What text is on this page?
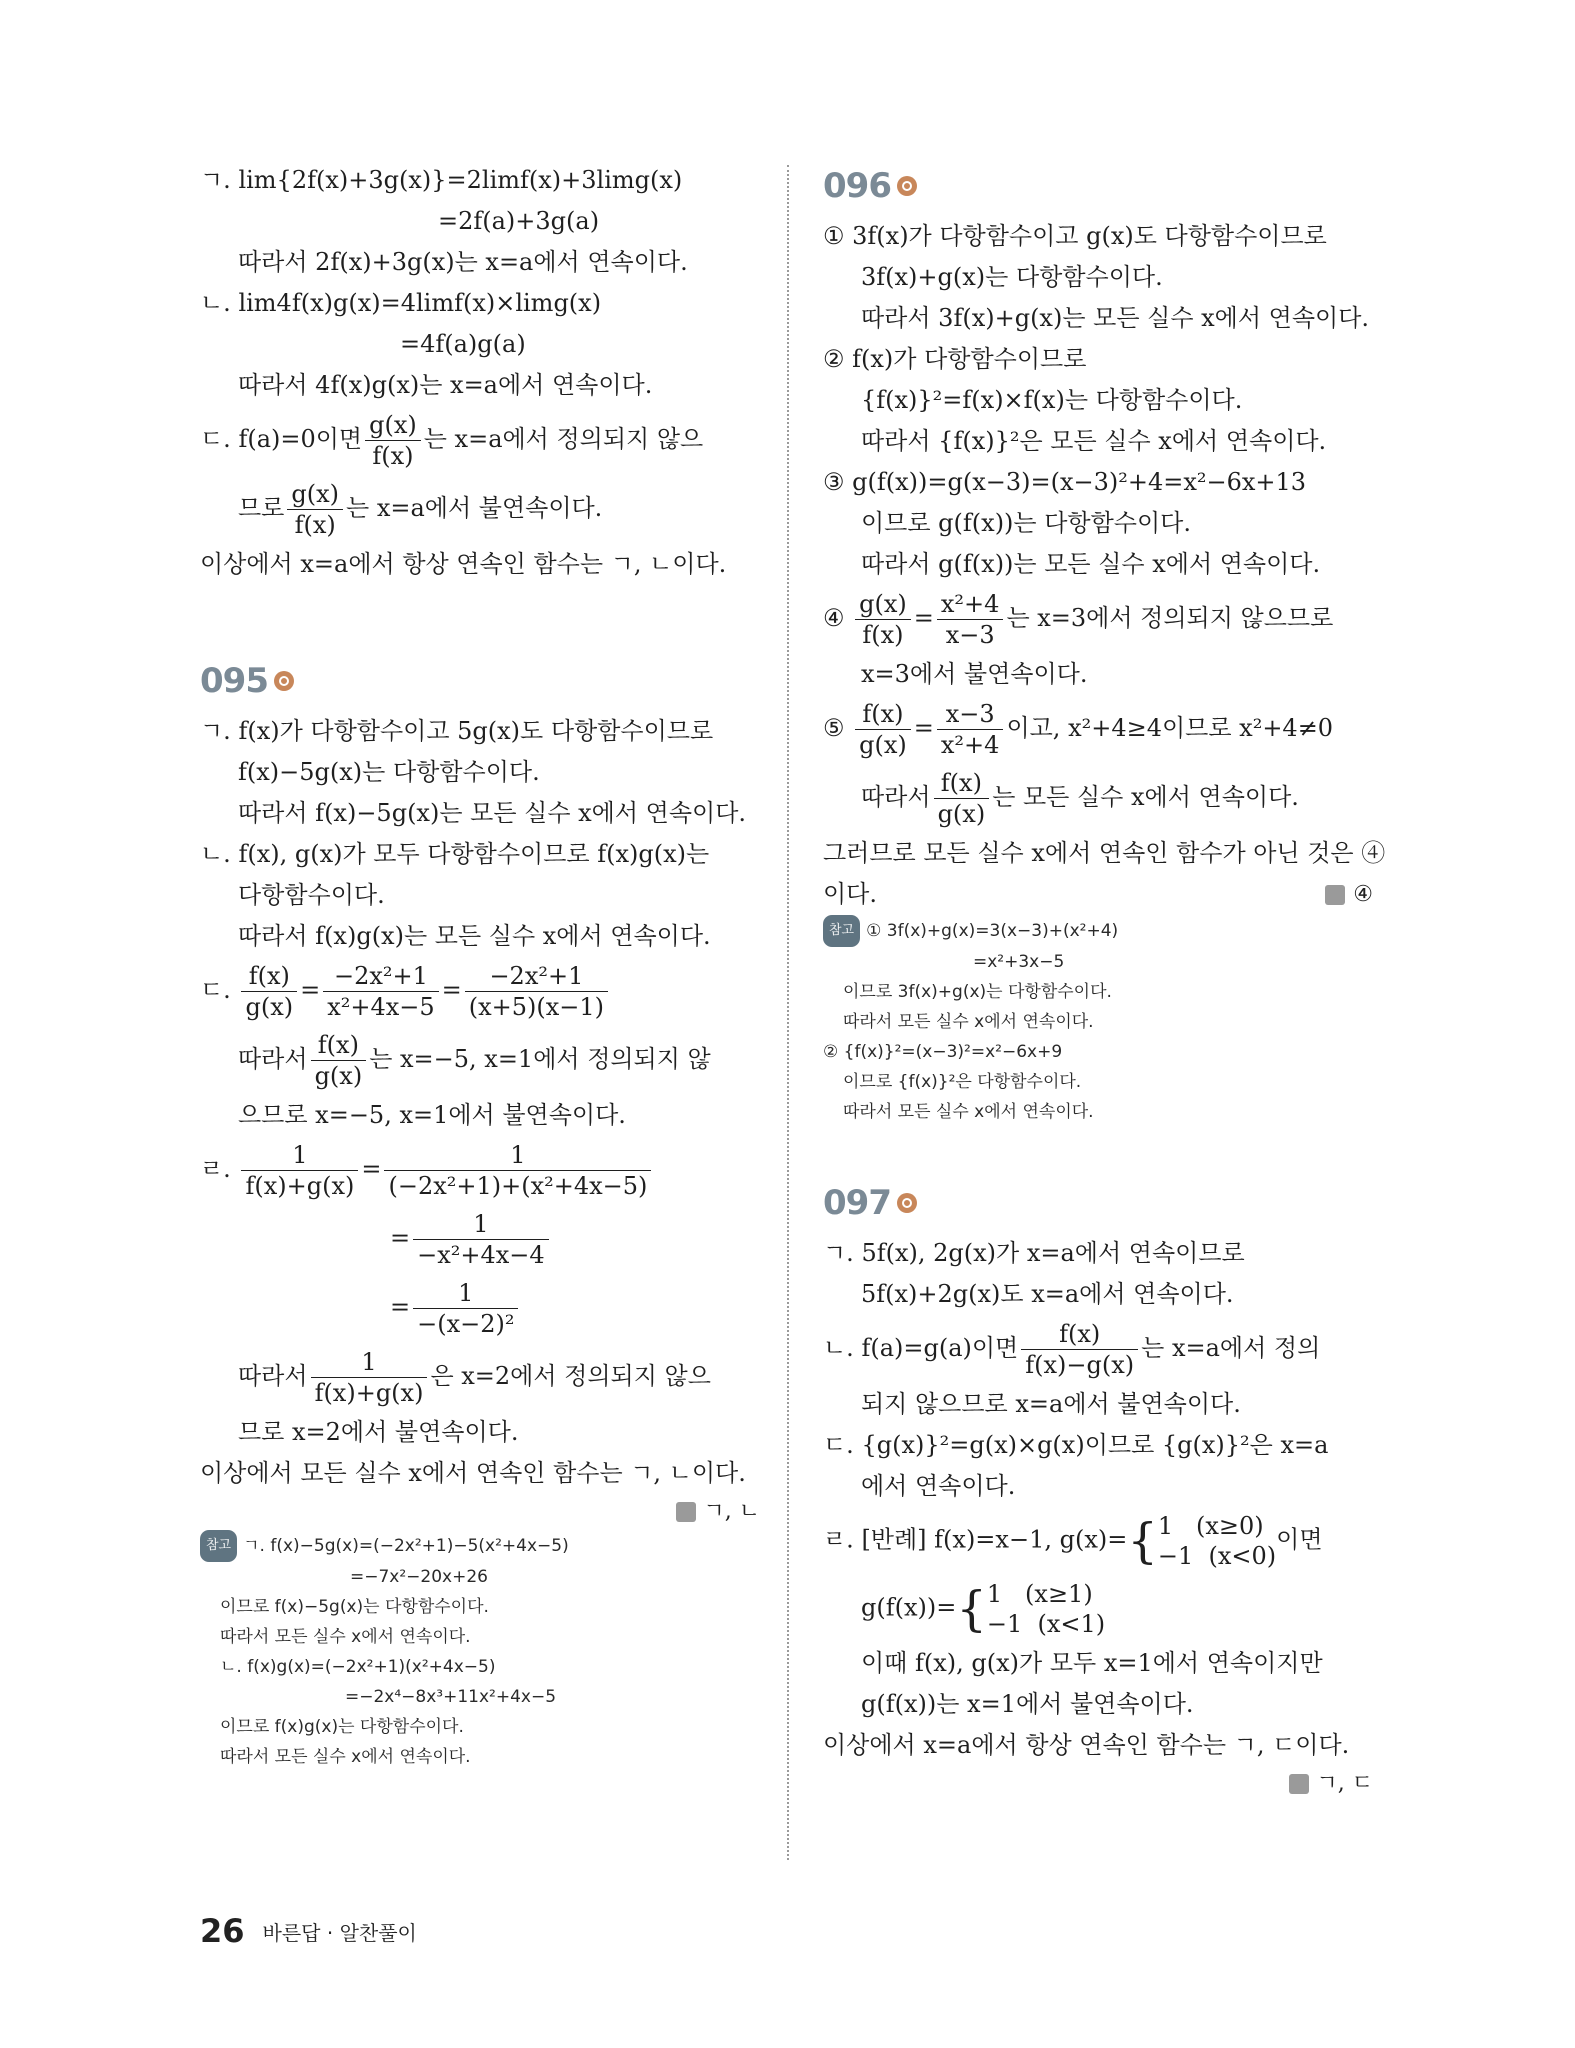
ㄱ. lim{2f(x)+3g(x)}=2limf(x)+3limg(x)
=2f(a)+3g(a)
따라서 2f(x)+3g(x)는 x=a에서 연속이다.
ㄴ. lim4f(x)g(x)=4limf(x)×limg(x)
=4f(a)g(a)
따라서 4f(x)g(x)는 x=a에서 연속이다.
ㄷ. f(a)=0이면 $\frac{g(x)}{f(x)}$ 는 x=a에서 정의되지 않으
므로 $\frac{g(x)}{f(x)}$ 는 x=a에서 불연속이다.
이상에서 x=a에서 항상 연속인 함수는 ㄱ, ㄴ이다.
095
ㄱ. f(x)가 다항함수이고 5g(x)도 다항함수이므로
f(x)−5g(x)는 다항함수이다.
따라서 f(x)−5g(x)는 모든 실수 x에서 연속이다.
ㄴ. f(x), g(x)가 모두 다항함수이므로 f(x)g(x)는
다항함수이다.
따라서 f(x)g(x)는 모든 실수 x에서 연속이다.
ㄷ. $\frac{f(x)}{g(x)} = \frac{\text{−2x²+1}}{\text{x²+4x−5}} = \frac{\text{−2x²+1}}{(x+5)(x-1)}$
따라서 $\frac{f(x)}{g(x)}$ 는 x=−5, x=1에서 정의되지 않
으므로 x=−5, x=1에서 불연속이다.
ㄹ. $\frac{1}{f(x)+g(x)} = \frac{1}{\text{(−2x²+1)+(x²+4x−5)}}$
= $\frac{1}{\text{−x²+4x−4}}$
= $\frac{1}{\text{−(x−2)²}}$
따라서 $\frac{1}{f(x)+g(x)}$ 은 x=2에서 정의되지 않으
므로 x=2에서 불연속이다.
이상에서 모든 실수 x에서 연속인 함수는 ㄱ, ㄴ이다.
ㄱ, ㄴ
참고 ㄱ. f(x)−5g(x)=(−2x²+1)−5(x²+4x−5)
=−7x²−20x+26
이므로 f(x)−5g(x)는 다항함수이다.
따라서 모든 실수 x에서 연속이다.
ㄴ. f(x)g(x)=(−2x²+1)(x²+4x−5)
=−2x⁴−8x³+11x²+4x−5
이므로 f(x)g(x)는 다항함수이다.
따라서 모든 실수 x에서 연속이다.
096
① 3f(x)가 다항함수이고 g(x)도 다항함수이므로
3f(x)+g(x)는 다항함수이다.
따라서 3f(x)+g(x)는 모든 실수 x에서 연속이다.
② f(x)가 다항함수이므로
{f(x)}²=f(x)×f(x)는 다항함수이다.
따라서 {f(x)}²은 모든 실수 x에서 연속이다.
③ g(f(x))=g(x−3)=(x−3)²+4=x²−6x+13
이므로 g(f(x))는 다항함수이다.
따라서 g(f(x))는 모든 실수 x에서 연속이다.
④ $\frac{g(x)}{f(x)} = \frac{\text{x²+4}}{x-3}$ 는 x=3에서 정의되지 않으므로
x=3에서 불연속이다.
⑤ $\frac{f(x)}{g(x)} = \frac{x-3}{\text{x²+4}}$ 이고, x²+4≥4이므로 x²+4≠0
따라서 $\frac{f(x)}{g(x)}$ 는 모든 실수 x에서 연속이다.
그러므로 모든 실수 x에서 연속인 함수가 아닌 것은 ④
이다.	④
참고 ① 3f(x)+g(x)=3(x−3)+(x²+4)
=x²+3x−5
이므로 3f(x)+g(x)는 다항함수이다.
따라서 모든 실수 x에서 연속이다.
② {f(x)}²=(x−3)²=x²−6x+9
이므로 {f(x)}²은 다항함수이다.
따라서 모든 실수 x에서 연속이다.
097
ㄱ. 5f(x), 2g(x)가 x=a에서 연속이므로
5f(x)+2g(x)도 x=a에서 연속이다.
ㄴ. f(a)=g(a)이면 $\frac{f(x)}{f(x)-g(x)}$ 는 x=a에서 정의
되지 않으므로 x=a에서 불연속이다.
ㄷ. {g(x)}²=g(x)×g(x)이므로 {g(x)}²은 x=a
에서 연속이다.
ㄹ. [반례] f(x)=x−1, g(x)={ 1   (x≥0)
−1  (x<0)
이면
g(f(x))={ 1   (x≥1)
−1  (x<1)
이때 f(x), g(x)가 모두 x=1에서 연속이지만
g(f(x))는 x=1에서 불연속이다.
이상에서 x=a에서 항상 연속인 함수는 ㄱ, ㄷ이다.
ㄱ, ㄷ
26 바른답 · 알찬풀이
